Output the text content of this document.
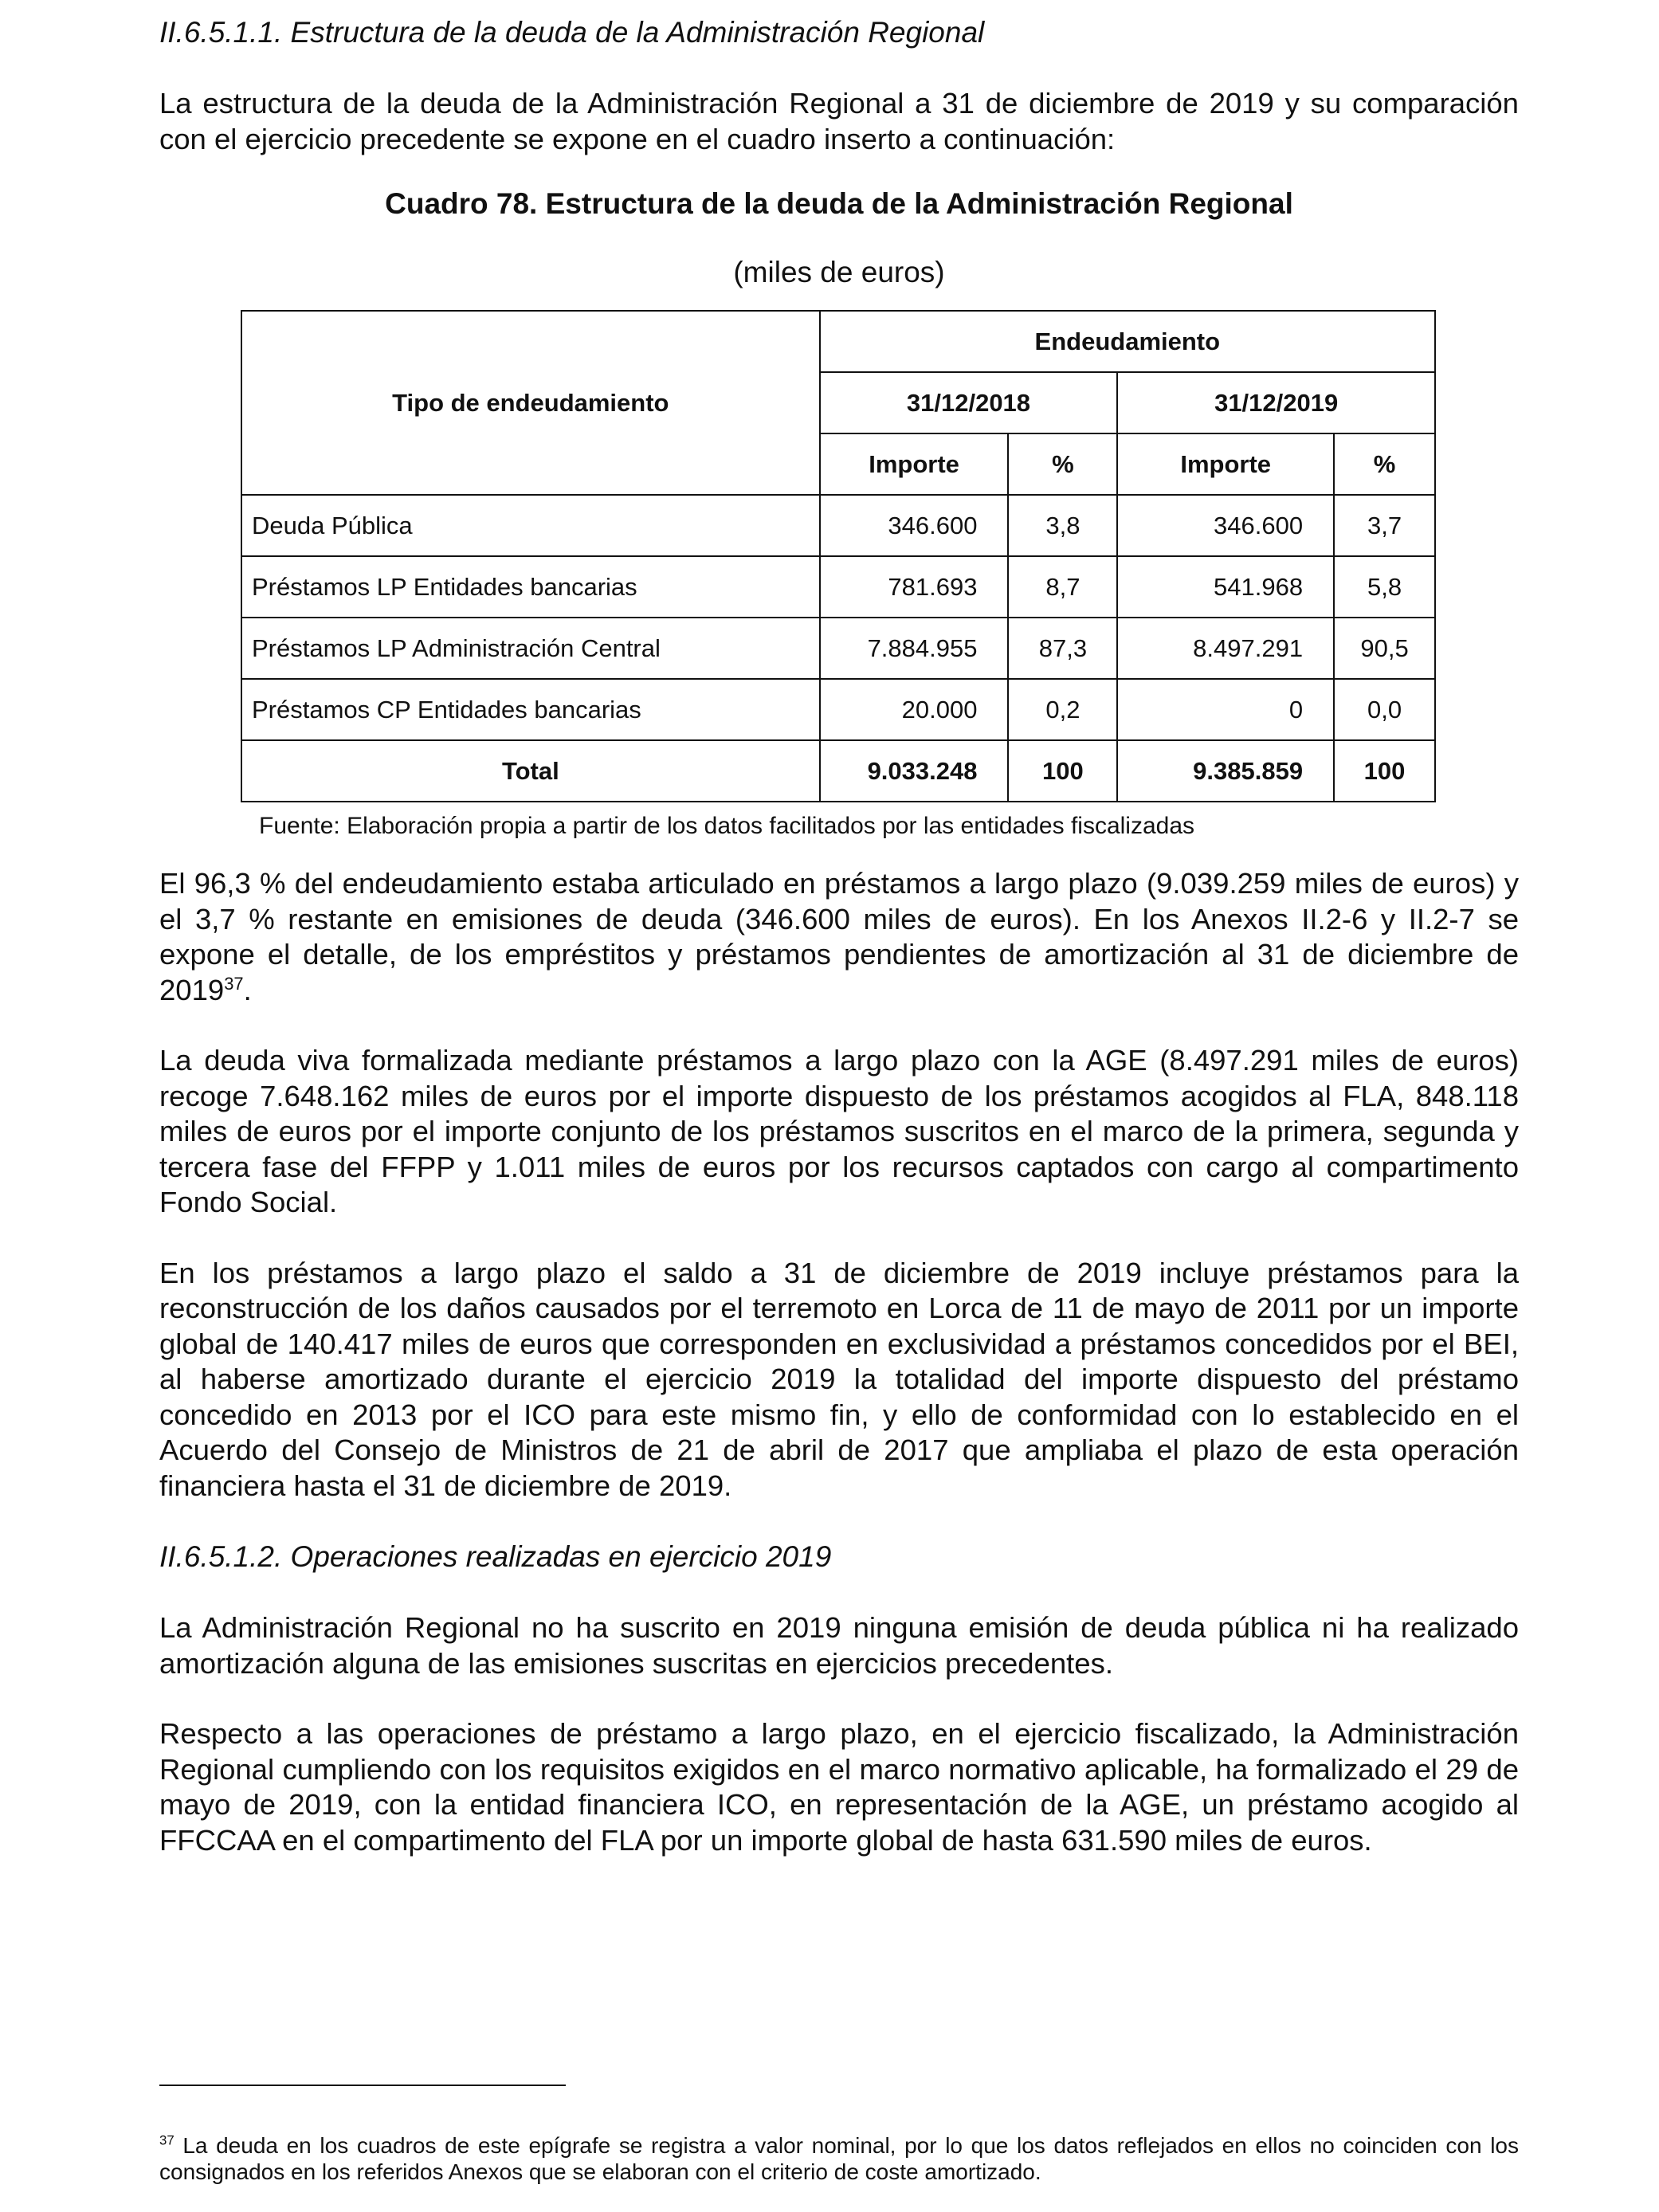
II.6.5.1.1. Estructura de la deuda de la Administración Regional

La estructura de la deuda de la Administración Regional a 31 de diciembre de 2019 y su comparación con el ejercicio precedente se expone en el cuadro inserto a continuación:

Cuadro 78. Estructura de la deuda de la Administración Regional

(miles de euros)

Tipo de endeudamiento	Endeudamiento			
	31/12/2018		31/12/2019	
	Importe	%	Importe	%
Deuda Pública	346.600	3,8	346.600	3,7
Préstamos LP Entidades bancarias	781.693	8,7	541.968	5,8
Préstamos LP Administración Central	7.884.955	87,3	8.497.291	90,5
Préstamos CP Entidades bancarias	20.000	0,2	0	0,0
Total	9.033.248	100	9.385.859	100

Fuente: Elaboración propia a partir de los datos facilitados por las entidades fiscalizadas

El 96,3 % del endeudamiento estaba articulado en préstamos a largo plazo (9.039.259 miles de euros) y el 3,7 % restante en emisiones de deuda (346.600 miles de euros). En los Anexos II.2-6 y II.2-7 se expone el detalle, de los empréstitos y préstamos pendientes de amortización al 31 de diciembre de 2019$^{37}$.

La deuda viva formalizada mediante préstamos a largo plazo con la AGE (8.497.291 miles de euros) recoge 7.648.162 miles de euros por el importe dispuesto de los préstamos acogidos al FLA, 848.118 miles de euros por el importe conjunto de los préstamos suscritos en el marco de la primera, segunda y tercera fase del FFPP y 1.011 miles de euros por los recursos captados con cargo al compartimento Fondo Social.

En los préstamos a largo plazo el saldo a 31 de diciembre de 2019 incluye préstamos para la reconstrucción de los daños causados por el terremoto en Lorca de 11 de mayo de 2011 por un importe global de 140.417 miles de euros que corresponden en exclusividad a préstamos concedidos por el BEI, al haberse amortizado durante el ejercicio 2019 la totalidad del importe dispuesto del préstamo concedido en 2013 por el ICO para este mismo fin, y ello de conformidad con lo establecido en el Acuerdo del Consejo de Ministros de 21 de abril de 2017 que ampliaba el plazo de esta operación financiera hasta el 31 de diciembre de 2019.

II.6.5.1.2. Operaciones realizadas en ejercicio 2019

La Administración Regional no ha suscrito en 2019 ninguna emisión de deuda pública ni ha realizado amortización alguna de las emisiones suscritas en ejercicios precedentes.

Respecto a las operaciones de préstamo a largo plazo, en el ejercicio fiscalizado, la Administración Regional cumpliendo con los requisitos exigidos en el marco normativo aplicable, ha formalizado el 29 de mayo de 2019, con la entidad financiera ICO, en representación de la AGE, un préstamo acogido al FFCCAA en el compartimento del FLA por un importe global de hasta 631.590 miles de euros.

$^{37}$ La deuda en los cuadros de este epígrafe se registra a valor nominal, por lo que los datos reflejados en ellos no coinciden con los consignados en los referidos Anexos que se elaboran con el criterio de coste amortizado.
